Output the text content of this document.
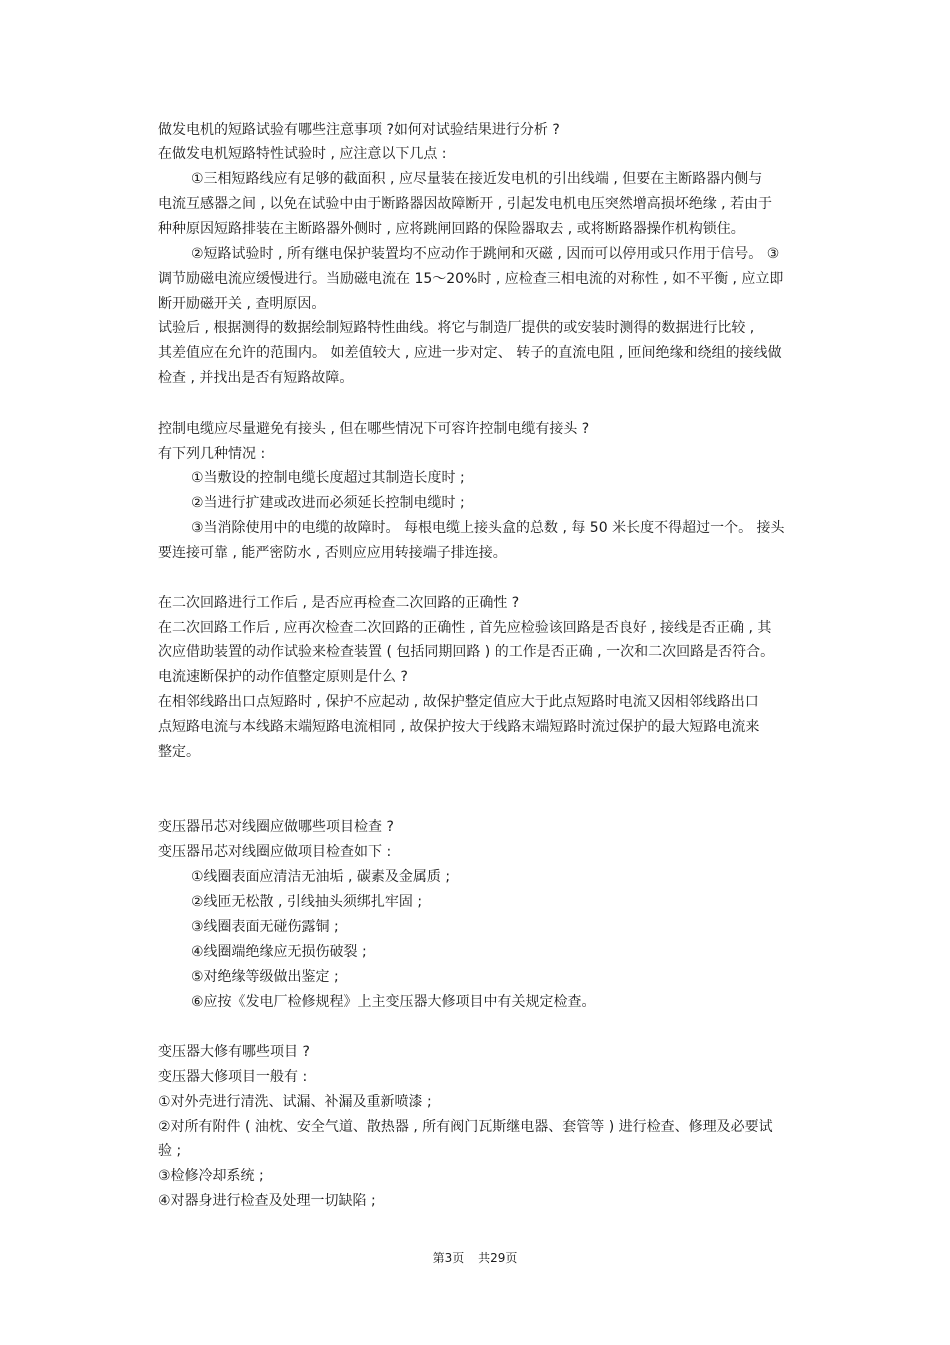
做发电机的短路试验有哪些注意事项 ?如何对试验结果进行分析 ?
在做发电机短路特性试验时 , 应注意以下几点 :
①三相短路线应有足够的截面积 , 应尽量装在接近发电机的引出线端 , 但要在主断路器内侧与
电流互感器之间 , 以免在试验中由于断路器因故障断开 , 引起发电机电压突然增高损坏绝缘 , 若由于
种种原因短路排装在主断路器外侧时 , 应将跳闸回路的保险器取去 , 或将断路器操作机构锁住。
②短路试验时 , 所有继电保护装置均不应动作于跳闸和灭磁 , 因而可以停用或只作用于信号。 ③
调节励磁电流应缓慢进行。当励磁电流在 15～20%时 , 应检查三相电流的对称性 , 如不平衡 , 应立即
断开励磁开关 , 查明原因。
试验后 , 根据测得的数据绘制短路特性曲线。将它与制造厂提供的或安装时测得的数据进行比较 ,
其差值应在允许的范围内。 如差值较大 , 应进一步对定、 转子的直流电阻 , 匝间绝缘和绕组的接线做
检查 , 并找出是否有短路故障。
控制电缆应尽量避免有接头 , 但在哪些情况下可容许控制电缆有接头 ?
有下列几种情况 :
①当敷设的控制电缆长度超过其制造长度时 ;
②当进行扩建或改进而必须延长控制电缆时 ;
③当消除使用中的电缆的故障时。 每根电缆上接头盒的总数 , 每 50 米长度不得超过一个。 接头
要连接可靠 , 能严密防水 , 否则应应用转接端子排连接。
在二次回路进行工作后 , 是否应再检查二次回路的正确性 ?
在二次回路工作后 , 应再次检查二次回路的正确性 , 首先应检验该回路是否良好 , 接线是否正确 , 其
次应借助装置的动作试验来检查装置 ( 包括同期回路 ) 的工作是否正确 , 一次和二次回路是否符合。
电流速断保护的动作值整定原则是什么 ?
在相邻线路出口点短路时 , 保护不应起动 , 故保护整定值应大于此点短路时电流又因相邻线路出口
点短路电流与本线路末端短路电流相同 , 故保护按大于线路末端短路时流过保护的最大短路电流来
整定。
变压器吊芯对线圈应做哪些项目检查 ?
变压器吊芯对线圈应做项目检查如下 :
①线圈表面应清洁无油垢 , 碳素及金属质 ;
②线匝无松散 , 引线抽头须绑扎牢固 ;
③线圈表面无碰伤露铜 ;
④线圈端绝缘应无损伤破裂 ;
⑤对绝缘等级做出鉴定 ;
⑥应按《发电厂检修规程》上主变压器大修项目中有关规定检查。
变压器大修有哪些项目 ?
变压器大修项目一般有 :
①对外壳进行清洗、试漏、补漏及重新喷漆 ;
②对所有附件 ( 油枕、安全气道、散热器 , 所有阀门瓦斯继电器、套管等 ) 进行检查、修理及必要试
验 ;
③检修冷却系统 ;
④对器身进行检查及处理一切缺陷 ;
第3页 共29页
